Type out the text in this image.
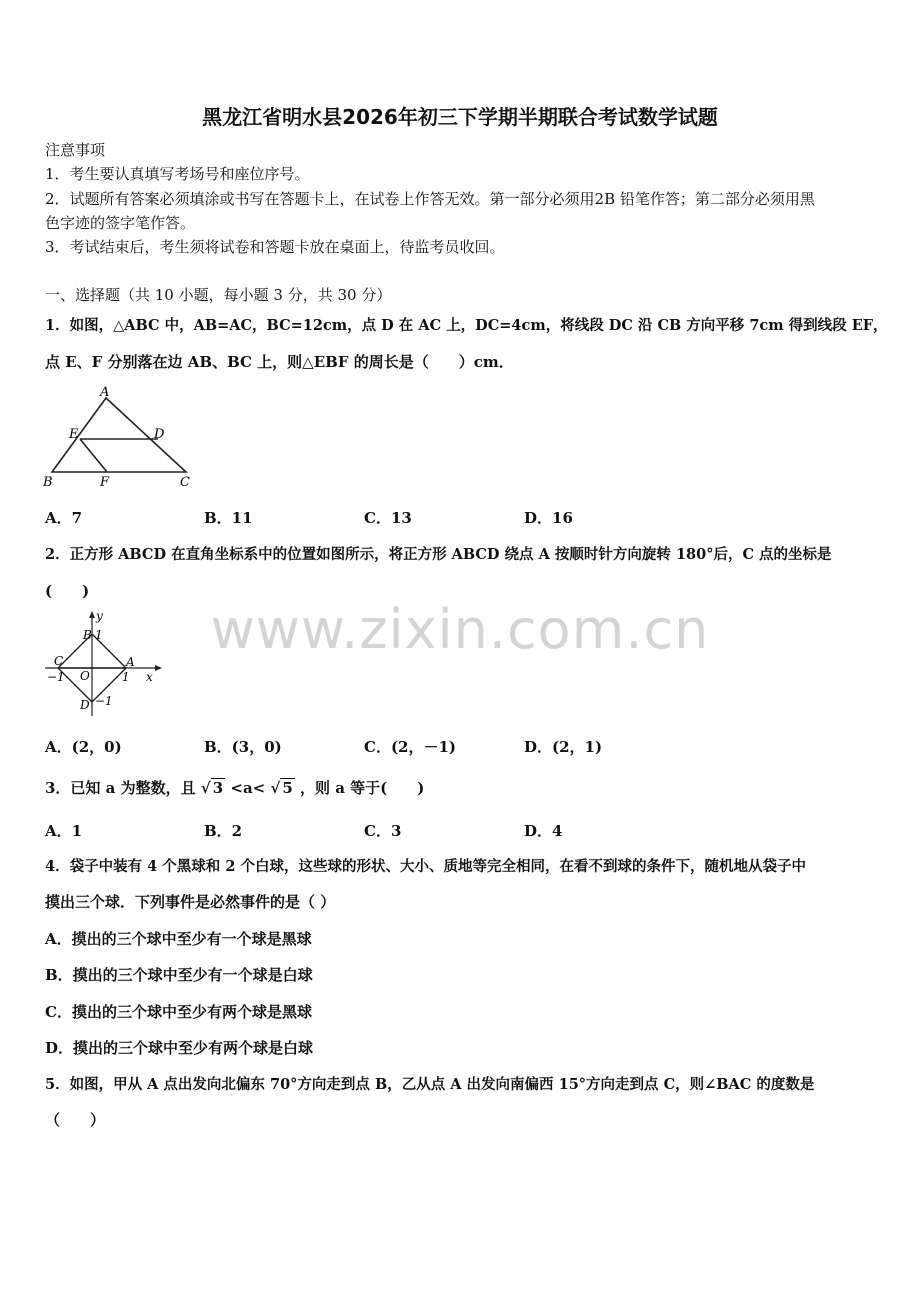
黑龙江省明水县2026年初三下学期半期联合考试数学试题
注意事项
1．考生要认真填写考场号和座位序号。
2．试题所有答案必须填涂或书写在答题卡上，在试卷上作答无效。第一部分必须用2B 铅笔作答；第二部分必须用黑
色字迹的签字笔作答。
3．考试结束后，考生须将试卷和答题卡放在桌面上，待监考员收回。
一、选择题（共 10 小题，每小题 3 分，共 30 分）
1．如图，△ABC 中，AB=AC，BC=12cm，点 D 在 AC 上，DC=4cm，将线段 DC 沿 CB 方向平移 7cm 得到线段 EF，
点 E、F 分别落在边 AB、BC 上，则△EBF 的周长是（　　）cm．
A
E	D
B	F	C
A．7	B．11	C．13	D．16
2．正方形 ABCD 在直角坐标系中的位置如图所示，将正方形 ABCD 绕点 A 按顺时针方向旋转 180°后，C 点的坐标是
(　　)
y
x
O
B 1
A
1
C
−1
D −1
A．(2，0)	B．(3，0)	C．(2，－1)	D．(2，1)
3．已知 a 为整数，且 √ 3 <a< √ 5 ，则 a 等于(　　)
A．1	B．2	C．3	D．4
4．袋子中装有 4 个黑球和 2 个白球，这些球的形状、大小、质地等完全相同，在看不到球的条件下，随机地从袋子中
摸出三个球．下列事件是必然事件的是（ ）
A．摸出的三个球中至少有一个球是黑球
B．摸出的三个球中至少有一个球是白球
C．摸出的三个球中至少有两个球是黑球
D．摸出的三个球中至少有两个球是白球
5．如图，甲从 A 点出发向北偏东 70°方向走到点 B，乙从点 A 出发向南偏西 15°方向走到点 C，则∠BAC 的度数是
（　　）
www.zixin.com.cn
